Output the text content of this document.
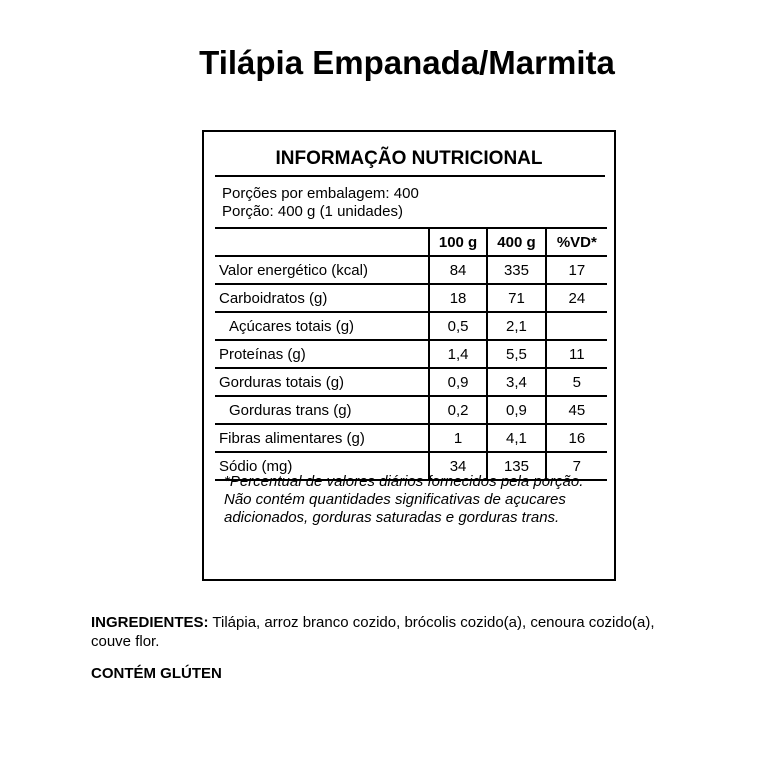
Tilápia Empanada/Marmita
INFORMAÇÃO NUTRICIONAL
Porções por embalagem: 400
Porção: 400 g (1 unidades)
	100 g	400 g	%VD*
Valor energético (kcal)	84	335	17
Carboidratos (g)	18	71	24
Açúcares totais (g)	0,5	2,1	
Proteínas (g)	1,4	5,5	11
Gorduras totais (g)	0,9	3,4	5
Gorduras trans (g)	0,2	0,9	45
Fibras alimentares (g)	1	4,1	16
Sódio (mg)	34	135	7
*Percentual de valores diários fornecidos pela porção.
Não contém quantidades significativas de açucares adicionados, gorduras saturadas e gorduras trans.
INGREDIENTES: Tilápia, arroz branco cozido, brócolis cozido(a), cenoura cozido(a), couve flor.
CONTÉM GLÚTEN
